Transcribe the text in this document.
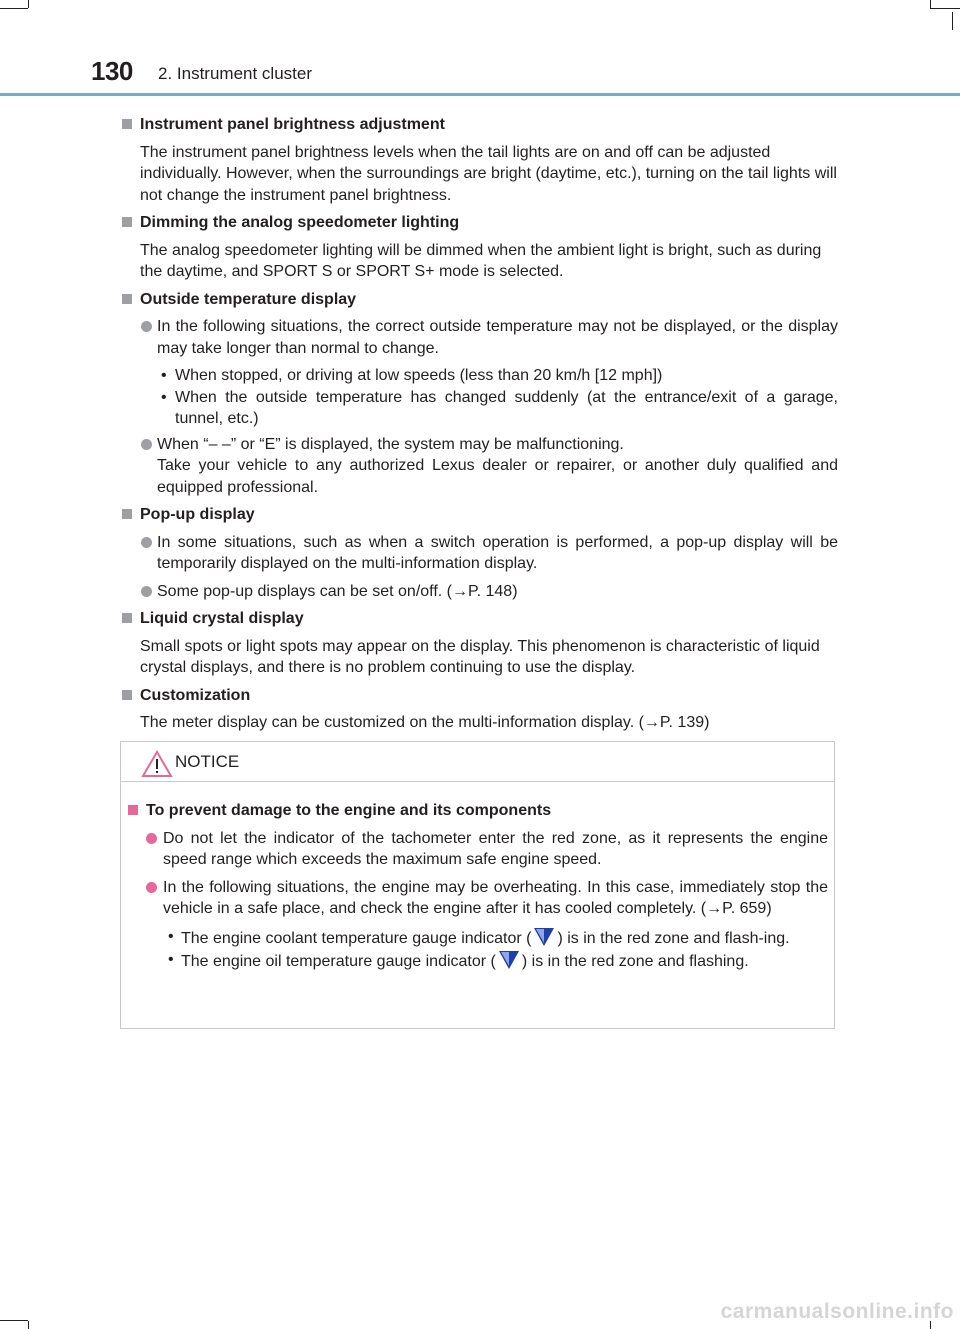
130 2. Instrument cluster
Instrument panel brightness adjustment
The instrument panel brightness levels when the tail lights are on and off can be adjusted individually. However, when the surroundings are bright (daytime, etc.), turning on the tail lights will not change the instrument panel brightness.
Dimming the analog speedometer lighting
The analog speedometer lighting will be dimmed when the ambient light is bright, such as during the daytime, and SPORT S or SPORT S+ mode is selected.
Outside temperature display
In the following situations, the correct outside temperature may not be displayed, or the display may take longer than normal to change.
• When stopped, or driving at low speeds (less than 20 km/h [12 mph])
• When the outside temperature has changed suddenly (at the entrance/exit of a garage, tunnel, etc.)
When “– –” or “E” is displayed, the system may be malfunctioning.
Take your vehicle to any authorized Lexus dealer or repairer, or another duly qualified and equipped professional.
Pop-up display
In some situations, such as when a switch operation is performed, a pop-up display will be temporarily displayed on the multi-information display.
Some pop-up displays can be set on/off. (→P. 148)
Liquid crystal display
Small spots or light spots may appear on the display. This phenomenon is characteristic of liquid crystal displays, and there is no problem continuing to use the display.
Customization
The meter display can be customized on the multi-information display. (→P. 139)
NOTICE
To prevent damage to the engine and its components
Do not let the indicator of the tachometer enter the red zone, as it represents the engine speed range which exceeds the maximum safe engine speed.
In the following situations, the engine may be overheating. In this case, immediately stop the vehicle in a safe place, and check the engine after it has cooled completely. (→P. 659)
• The engine coolant temperature gauge indicator ( ) is in the red zone and flash-ing.
• The engine oil temperature gauge indicator ( ) is in the red zone and flashing.
carmanualsonline.info
